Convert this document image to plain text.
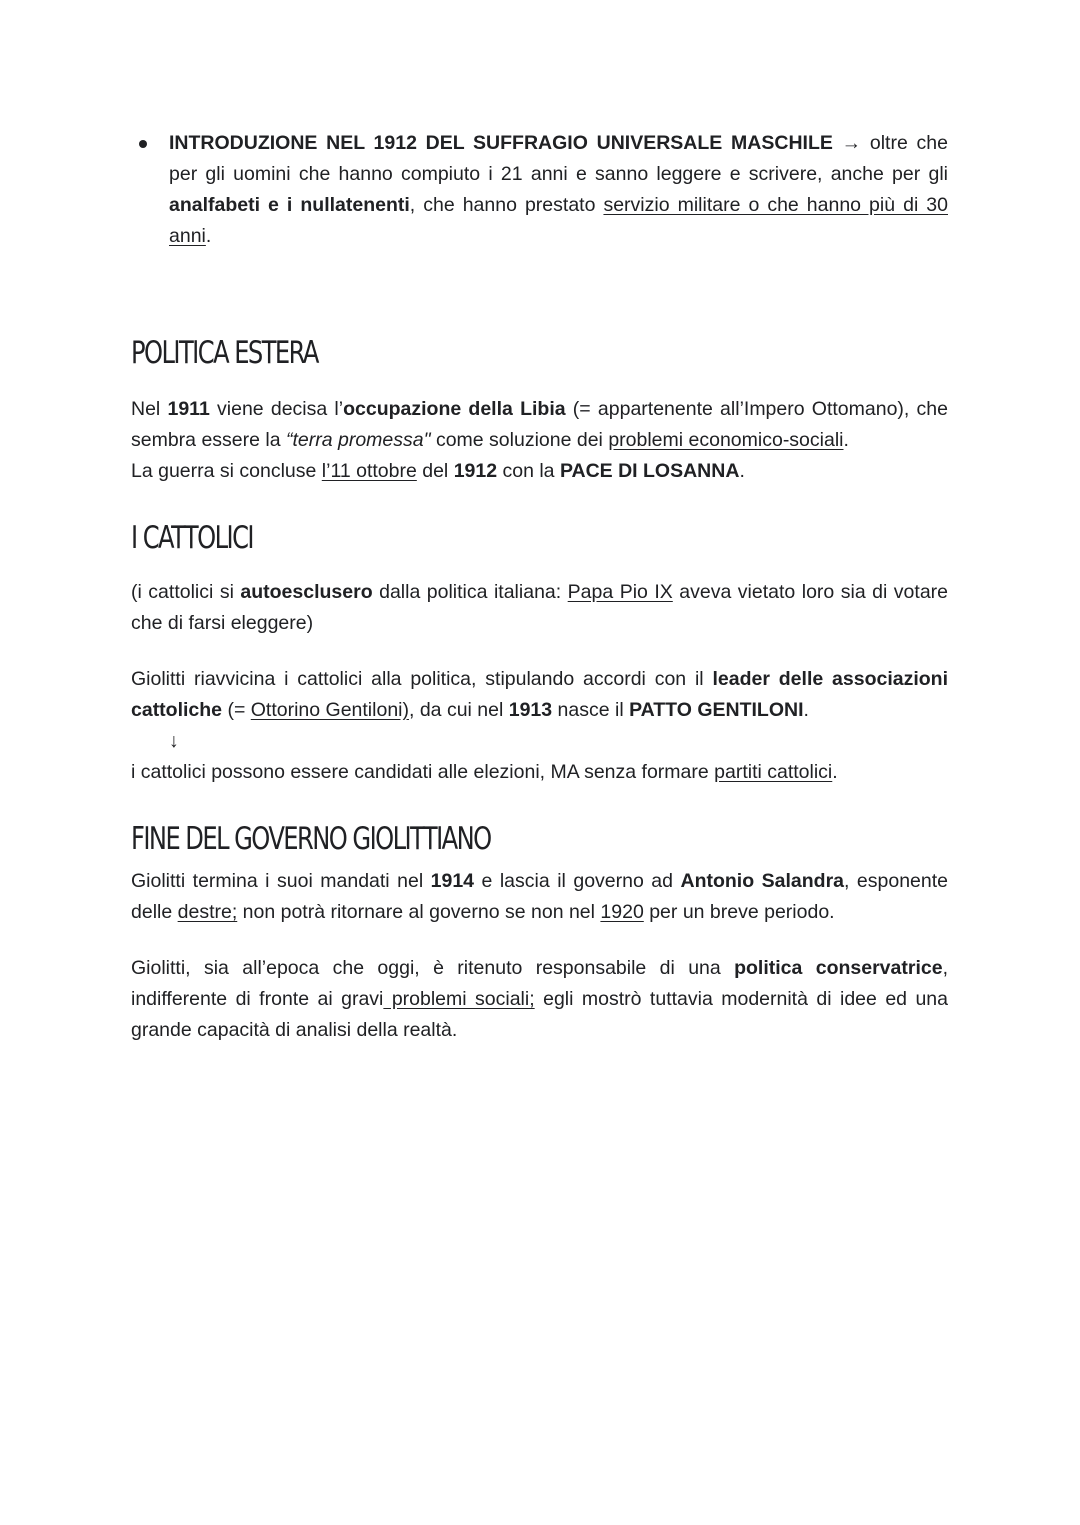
INTRODUZIONE NEL 1912 DEL SUFFRAGIO UNIVERSALE MASCHILE → oltre che per gli uomini che hanno compiuto i 21 anni e sanno leggere e scrivere, anche per gli analfabeti e i nullatenenti, che hanno prestato servizio militare o che hanno più di 30 anni.
POLITICA ESTERA

Nel 1911 viene decisa l’occupazione della Libia (= appartenente all’Impero Ottomano), che sembra essere la “terra promessa" come soluzione dei problemi economico-sociali.

La guerra si concluse l’11 ottobre del 1912 con la PACE DI LOSANNA.

I CATTOLICI

(i cattolici si autoesclusero dalla politica italiana: Papa Pio IX aveva vietato loro sia di votare che di farsi eleggere)

Giolitti riavvicina i cattolici alla politica, stipulando accordi con il leader delle associazioni cattoliche (= Ottorino Gentiloni), da cui nel 1913 nasce il PATTO GENTILONI.

↓

i cattolici possono essere candidati alle elezioni, MA senza formare partiti cattolici.

FINE DEL GOVERNO GIOLITTIANO

Giolitti termina i suoi mandati nel 1914 e lascia il governo ad Antonio Salandra, esponente delle destre; non potrà ritornare al governo se non nel 1920 per un breve periodo.

Giolitti, sia all’epoca che oggi, è ritenuto responsabile di una politica conservatrice, indifferente di fronte ai gravi problemi sociali; egli mostrò tuttavia modernità di idee ed una grande capacità di analisi della realtà.
